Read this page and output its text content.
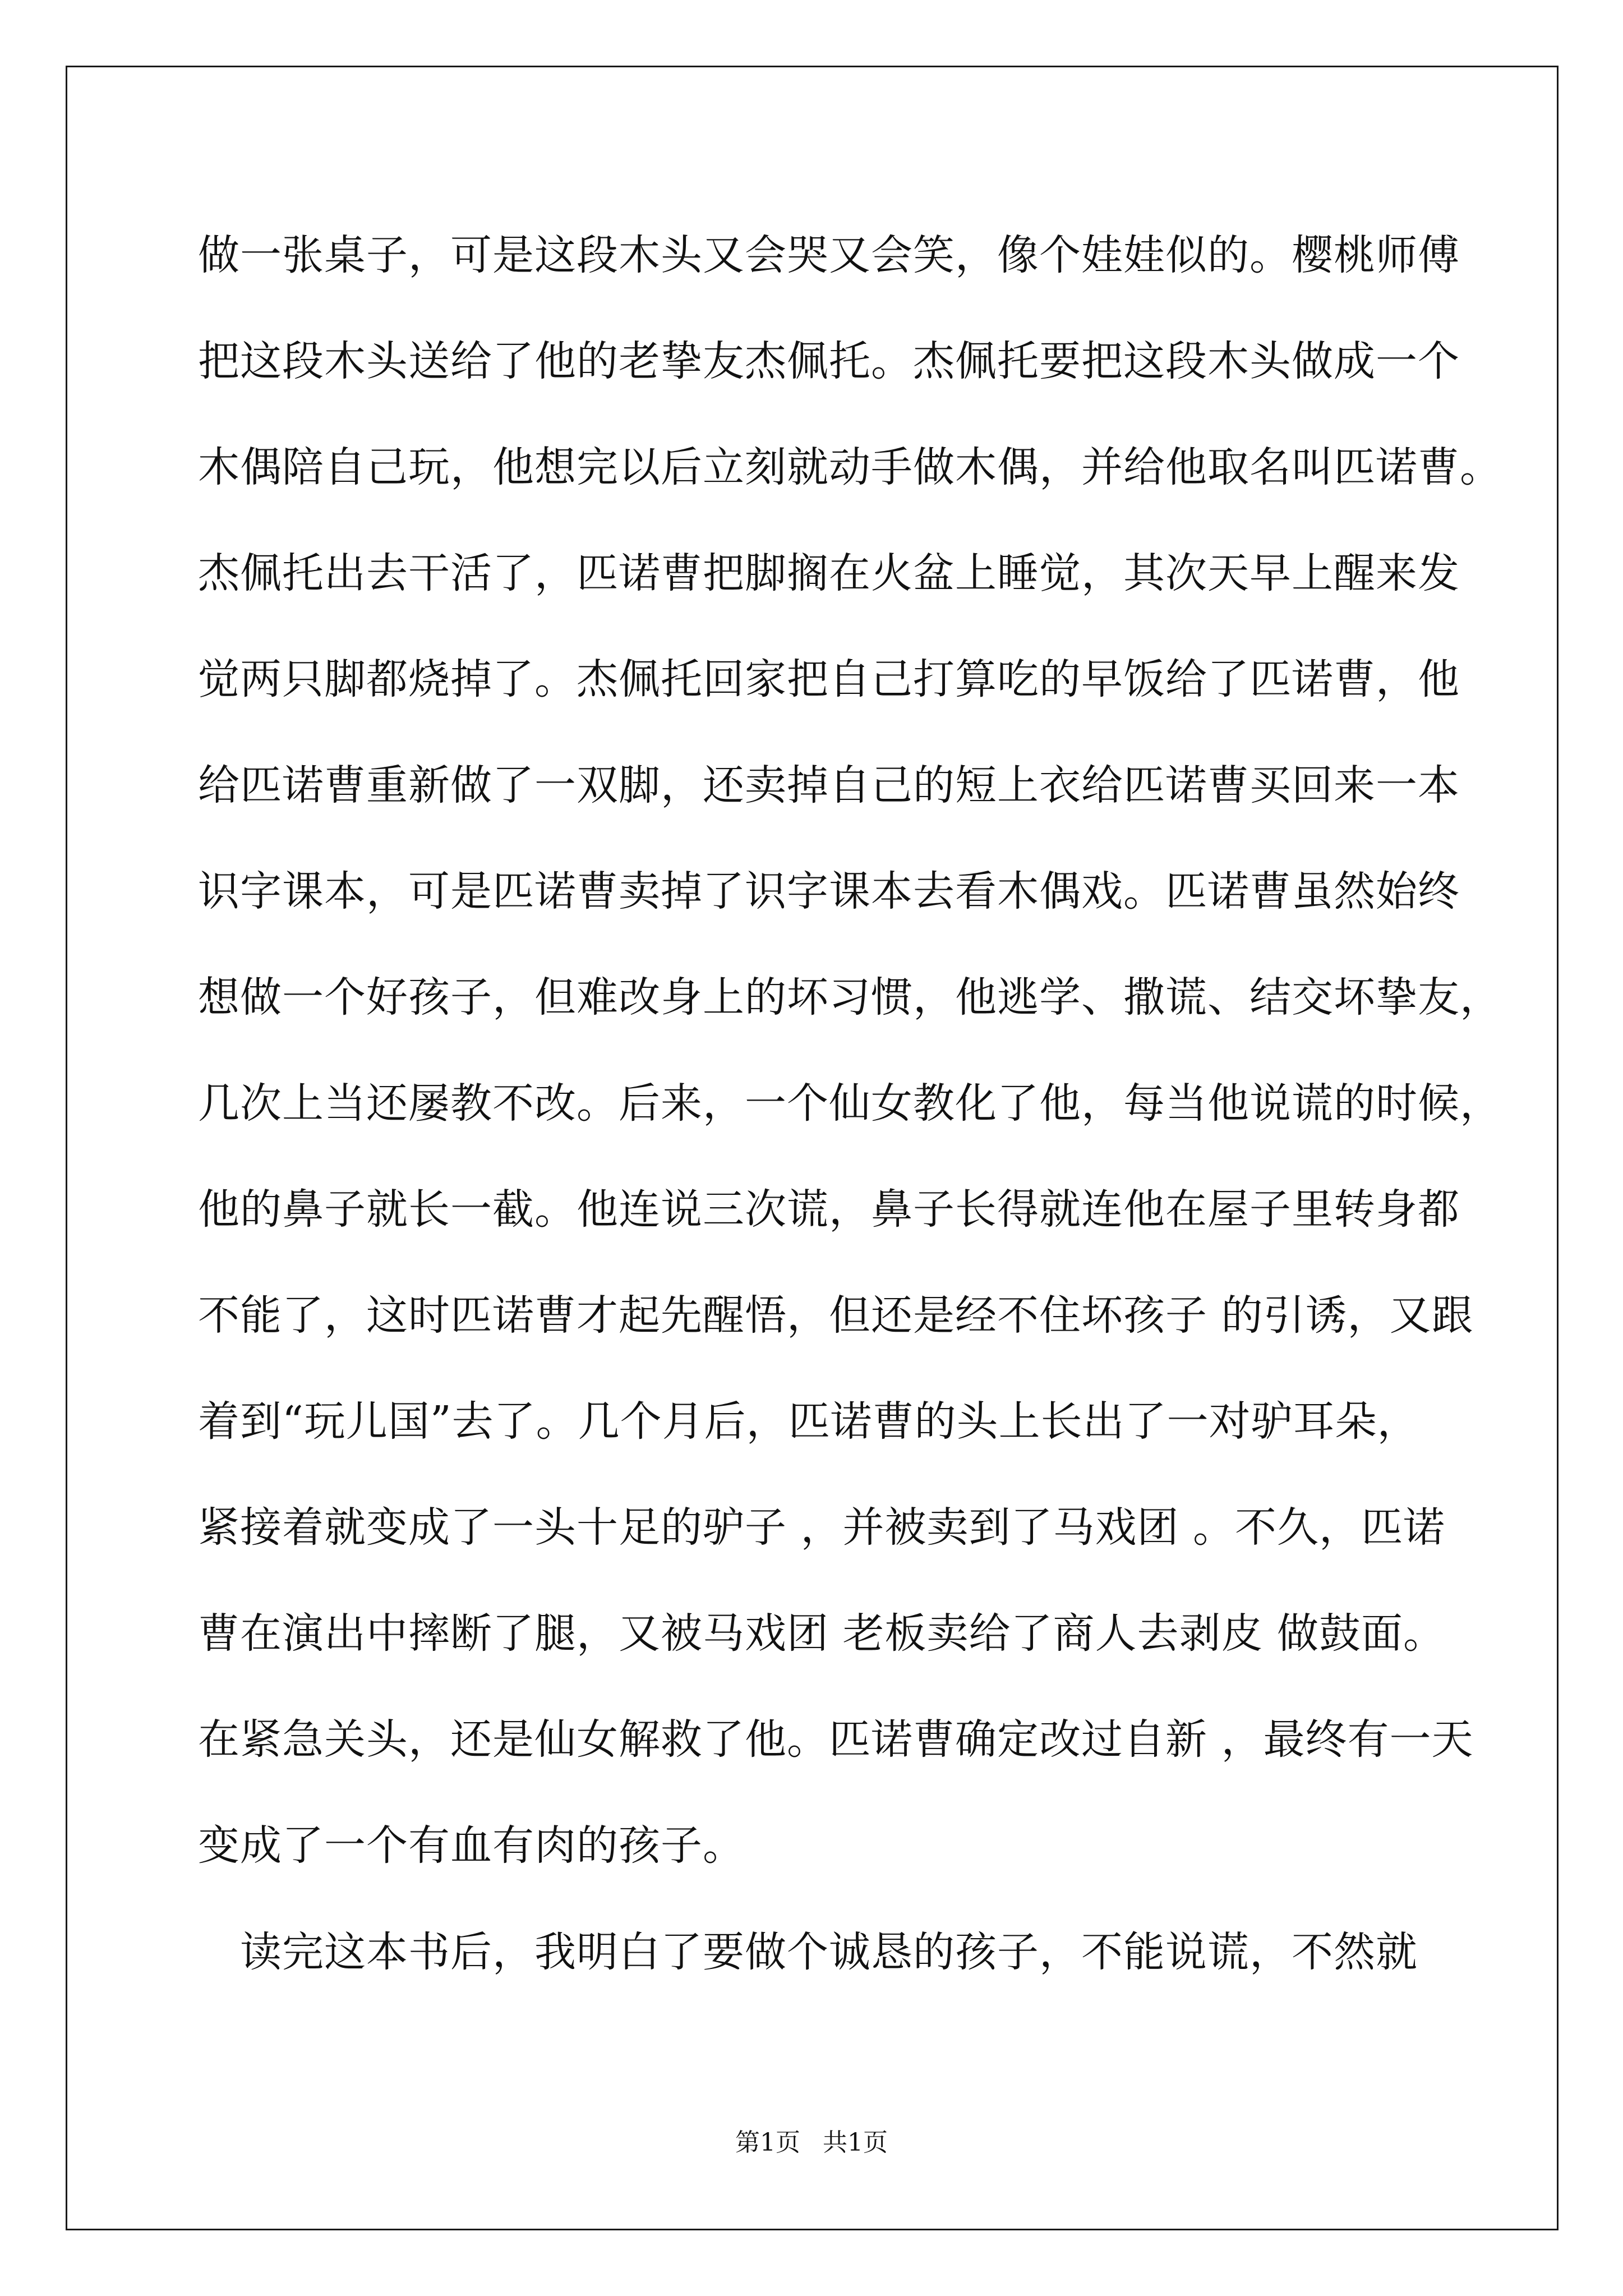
做一张桌子，可是这段木头又会哭又会笑，像个娃娃似的。樱桃师傅
把这段木头送给了他的老挚友杰佩托。杰佩托要把这段木头做成一个
木偶陪自己玩，他想完以后立刻就动手做木偶，并给他取名叫匹诺曹。
杰佩托出去干活了，匹诺曹把脚搁在火盆上睡觉，其次天早上醒来发
觉两只脚都烧掉了。杰佩托回家把自己打算吃的早饭给了匹诺曹，他
给匹诺曹重新做了一双脚，还卖掉自己的短上衣给匹诺曹买回来一本
识字课本，可是匹诺曹卖掉了识字课本去看木偶戏。匹诺曹虽然始终
想做一个好孩子，但难改身上的坏习惯，他逃学、撒谎、结交坏挚友，
几次上当还屡教不改。后来，一个仙女教化了他，每当他说谎的时候，
他的鼻子就长一截。他连说三次谎，鼻子长得就连他在屋子里转身都
不能了，这时匹诺曹才起先醒悟，但还是经不住坏孩子 的引诱，又跟
着到“玩儿国”去了。几个月后，匹诺曹的头上长出了一对驴耳朵，
紧接着就变成了一头十足的驴子 ，并被卖到了马戏团 。不久，匹诺
曹在演出中摔断了腿，又被马戏团 老板卖给了商人去剥皮 做鼓面。
在紧急关头，还是仙女解救了他。匹诺曹确定改过自新 ，最终有一天
变成了一个有血有肉的孩子。
　读完这本书后，我明白了要做个诚恳的孩子，不能说谎，不然就
第1页 共1页
